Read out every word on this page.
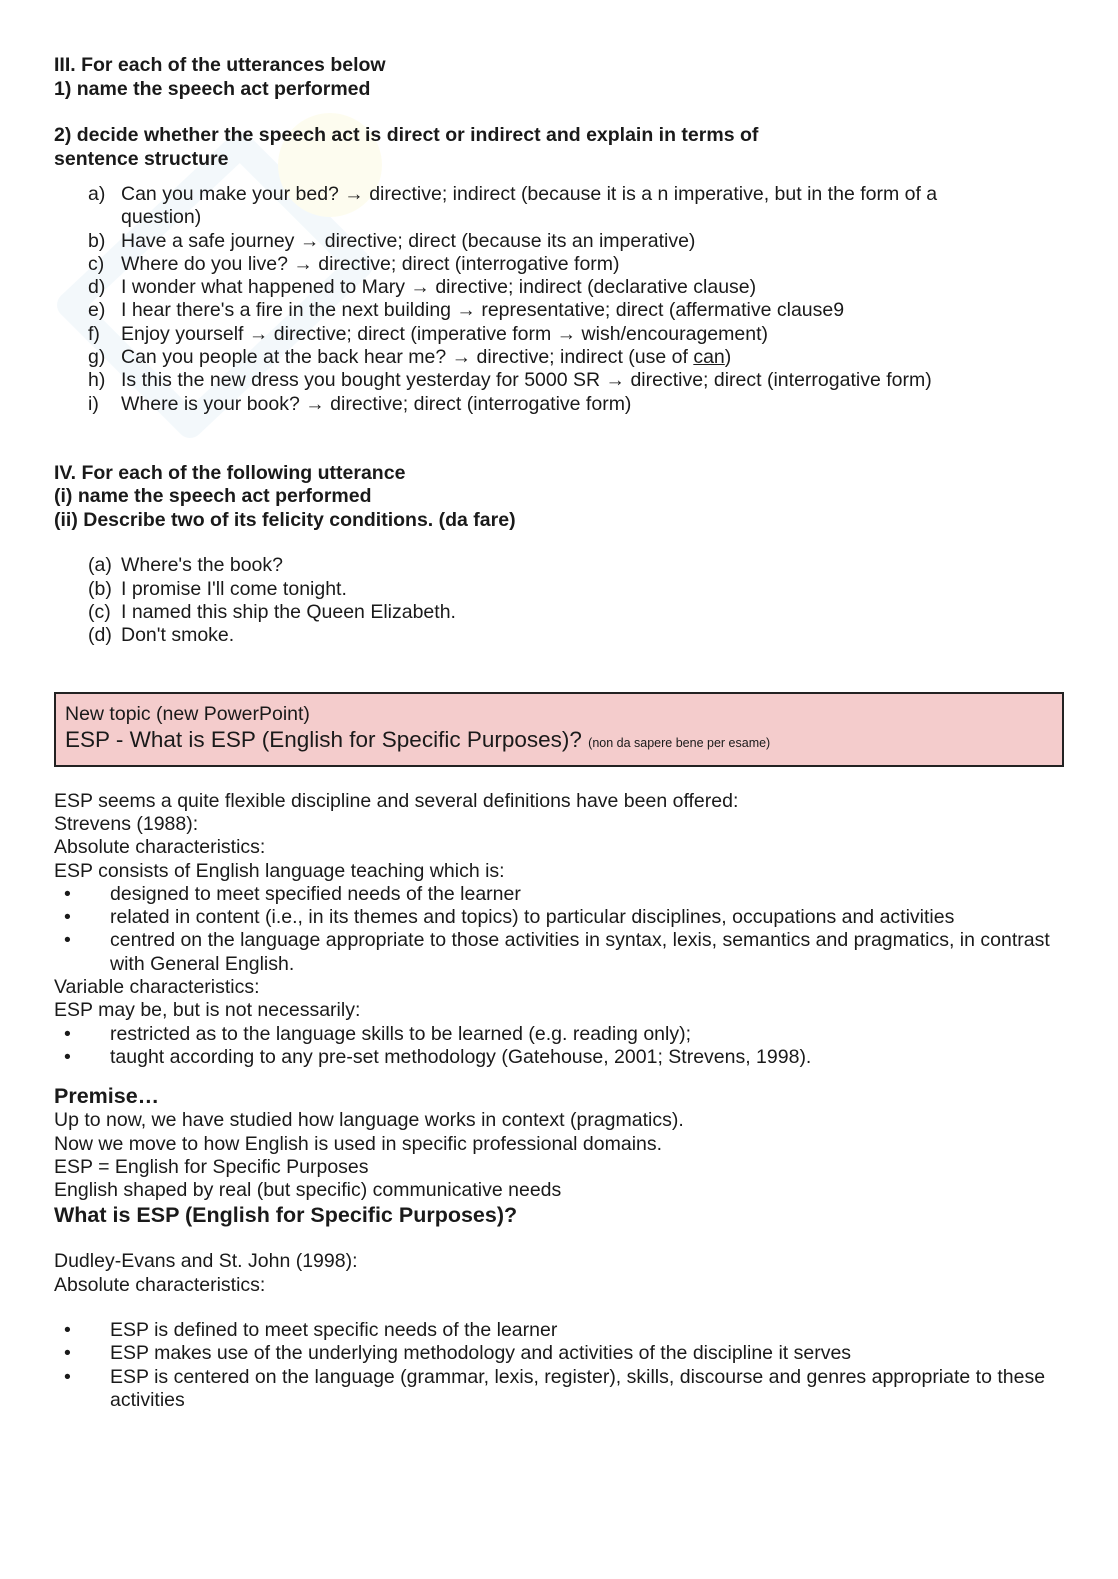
III. For each of the utterances below

1) name the speech act performed

2) decide whether the speech act is direct or indirect and explain in terms of
sentence structure

a) Can you make your bed? → directive; indirect (because it is a n imperative, but in the form of a question)
b) Have a safe journey → directive; direct (because its an imperative)
c) Where do you live? → directive; direct (interrogative form)
d) I wonder what happened to Mary → directive; indirect (declarative clause)
e) I hear there's a fire in the next building → representative; direct (affermative clause9
f) Enjoy yourself → directive; direct (imperative form → wish/encouragement)
g) Can you people at the back hear me? → directive; indirect (use of can)
h) Is this the new dress you bought yesterday for 5000 SR → directive; direct (interrogative form)
i) Where is your book? → directive; direct (interrogative form)

IV. For each of the following utterance

(i) name the speech act performed

(ii) Describe two of its felicity conditions. (da fare)

(a) Where's the book?
(b) I promise I'll come tonight.
(c) I named this ship the Queen Elizabeth.
(d) Don't smoke.
New topic (new PowerPoint)
ESP - What is ESP (English for Specific Purposes)? (non da sapere bene per esame)
ESP seems a quite flexible discipline and several definitions have been offered:
Strevens (1988):
Absolute characteristics:
ESP consists of English language teaching which is:
• designed to meet specified needs of the learner
• related in content (i.e., in its themes and topics) to particular disciplines, occupations and activities
• centred on the language appropriate to those activities in syntax, lexis, semantics and pragmatics, in contrast with General English.
Variable characteristics:
ESP may be, but is not necessarily:
• restricted as to the language skills to be learned (e.g. reading only);
• taught according to any pre-set methodology (Gatehouse, 2001; Strevens, 1998).
Premise…
Up to now, we have studied how language works in context (pragmatics).
Now we move to how English is used in specific professional domains.
ESP = English for Specific Purposes
English shaped by real (but specific) communicative needs
What is ESP (English for Specific Purposes)?
Dudley-Evans and St. John (1998):
Absolute characteristics:
• ESP is defined to meet specific needs of the learner
• ESP makes use of the underlying methodology and activities of the discipline it serves
• ESP is centered on the language (grammar, lexis, register), skills, discourse and genres appropriate to these activities
